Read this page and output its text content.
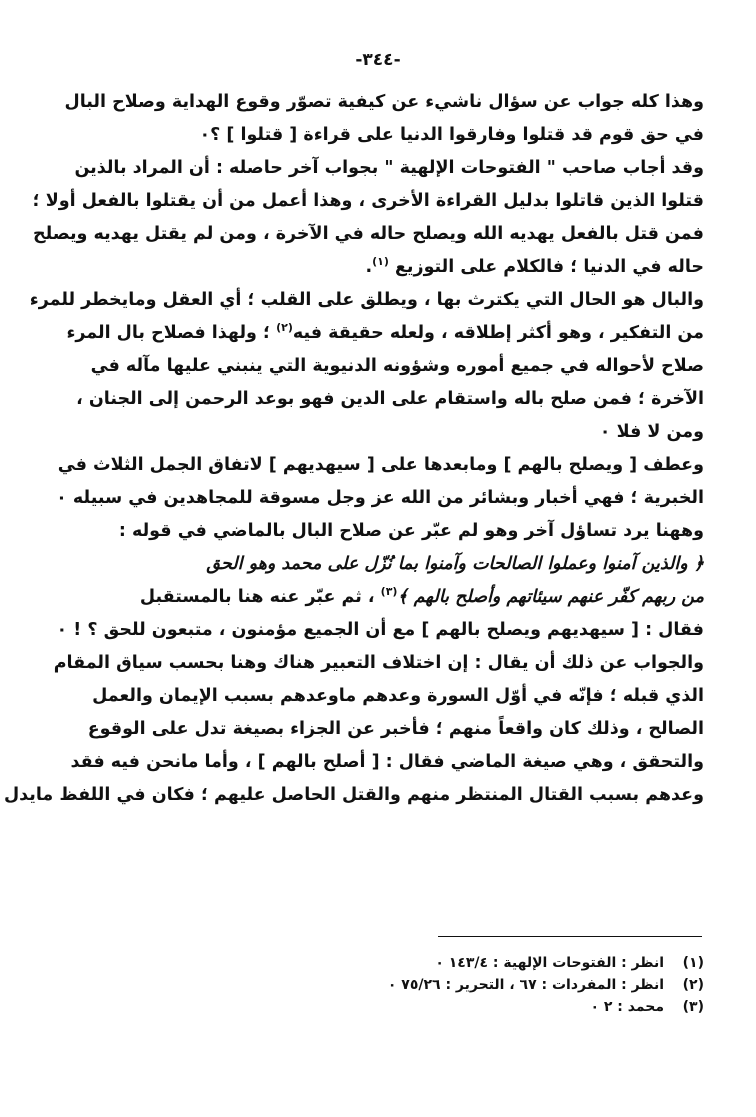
-٣٤٤-
وهذا كله جواب عن سؤال ناشيء عن كيفية تصوّر وقوع الهداية وصلاح البال
في حق قوم قد قتلوا وفارقوا الدنيا على قراءة [ قتلوا ] ؟٠
وقد أجاب صاحب " الفتوحات الإلهية " بجواب آخر حاصله : أن المراد بالذين
قتلوا الذين قاتلوا بدليل القراءة الأخرى ، وهذا أعمل من أن يقتلوا بالفعل أولا ؛
فمن قتل بالفعل يهديه الله ويصلح حاله في الآخرة ، ومن لم يقتل يهديه ويصلح
حاله في الدنيا ؛ فالكلام على التوزيع $^{(١)}$.
والبال هو الحال التي يكترث بها ، ويطلق على القلب ؛ أي العقل ومايخطر للمرء
من التفكير ، وهو أكثر إطلاقه ، ولعله حقيقة فيه$^{(٢)}$ ؛ ولهذا فصلاح بال المرء
صلاح لأحواله في جميع أموره وشؤونه الدنيوية التي ينبني عليها مآله في
الآخرة ؛ فمن صلح باله واستقام على الدين فهو بوعد الرحمن إلى الجنان ،
ومن لا فلا ٠
وعطف [ ويصلح بالهم ] ومابعدها على [ سيهديهم ] لاتفاق الجمل الثلاث في
الخبرية ؛ فهي أخبار وبشائر من الله عز وجل مسوقة للمجاهدين في سبيله ٠
وههنا يرد تساؤل آخر وهو لم عبّر عن صلاح البال بالماضي في قوله :
﴿ والذين آمنوا وعملوا الصالحات وآمنوا بما نُزّل على محمد وهو الحق
من ربهم كفّر عنهم سيئاتهم وأصلح بالهم ﴾$^{(٣)}$ ، ثم عبّر عنه هنا بالمستقبل
فقال : [ سيهديهم ويصلح بالهم ] مع أن الجميع مؤمنون ، متبعون للحق ؟ ! ٠
والجواب عن ذلك أن يقال : إن اختلاف التعبير هناك وهنا بحسب سياق المقام
الذي قبله ؛ فإنّه في أوّل السورة وعدهم ماوعدهم بسبب الإيمان والعمل
الصالح ، وذلك كان واقعاً منهم ؛ فأخبر عن الجزاء بصيغة تدل على الوقوع
والتحقق ، وهي صيغة الماضي فقال : [ أصلح بالهم ] ، وأما مانحن فيه فقد
وعدهم بسبب القتال المنتظر منهم والقتل الحاصل عليهم ؛ فكان في اللفظ مايدل
(١)
انظر : الفتوحات الإلهية : ١٤٣/٤ ٠
(٢)
انظر : المفردات : ٦٧ ، التحرير : ٧٥/٢٦ ٠
(٣)
محمد : ٢ ٠
